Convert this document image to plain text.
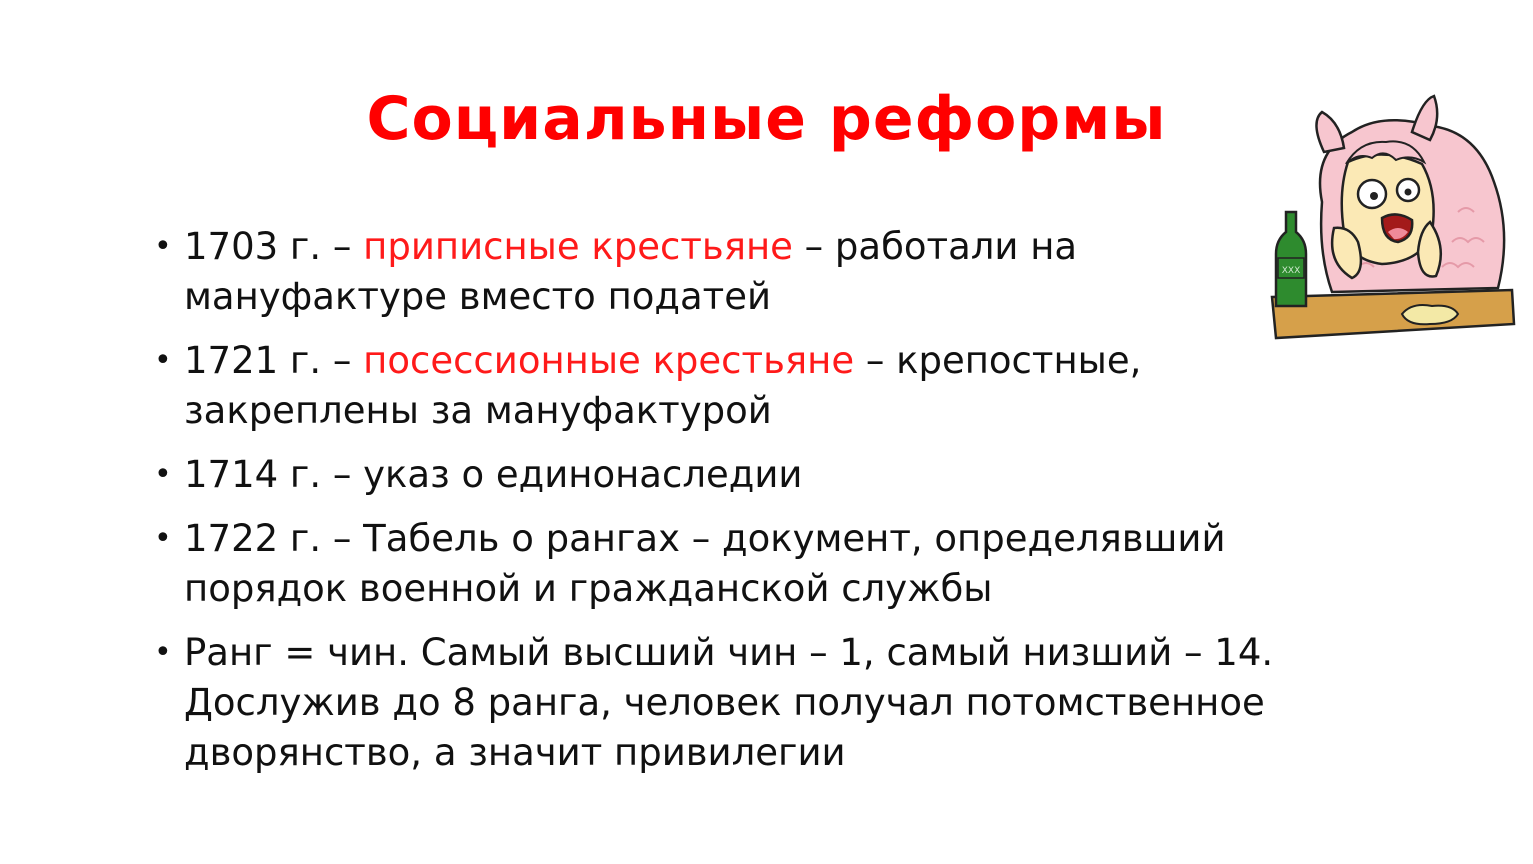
Социальные реформы
• 1703 г. – приписные крестьяне – работали на мануфактуре вместо податей
• 1721 г. – посессионные крестьяне – крепостные, закреплены за мануфактурой
• 1714 г. – указ о единонаследии
• 1722 г. – Табель о рангах – документ, определявший порядок военной и гражданской службы
• Ранг = чин. Самый высший чин – 1, самый низший – 14. Дослужив до 8 ранга, человек получал потомственное дворянство, а значит привилегии
XXX
